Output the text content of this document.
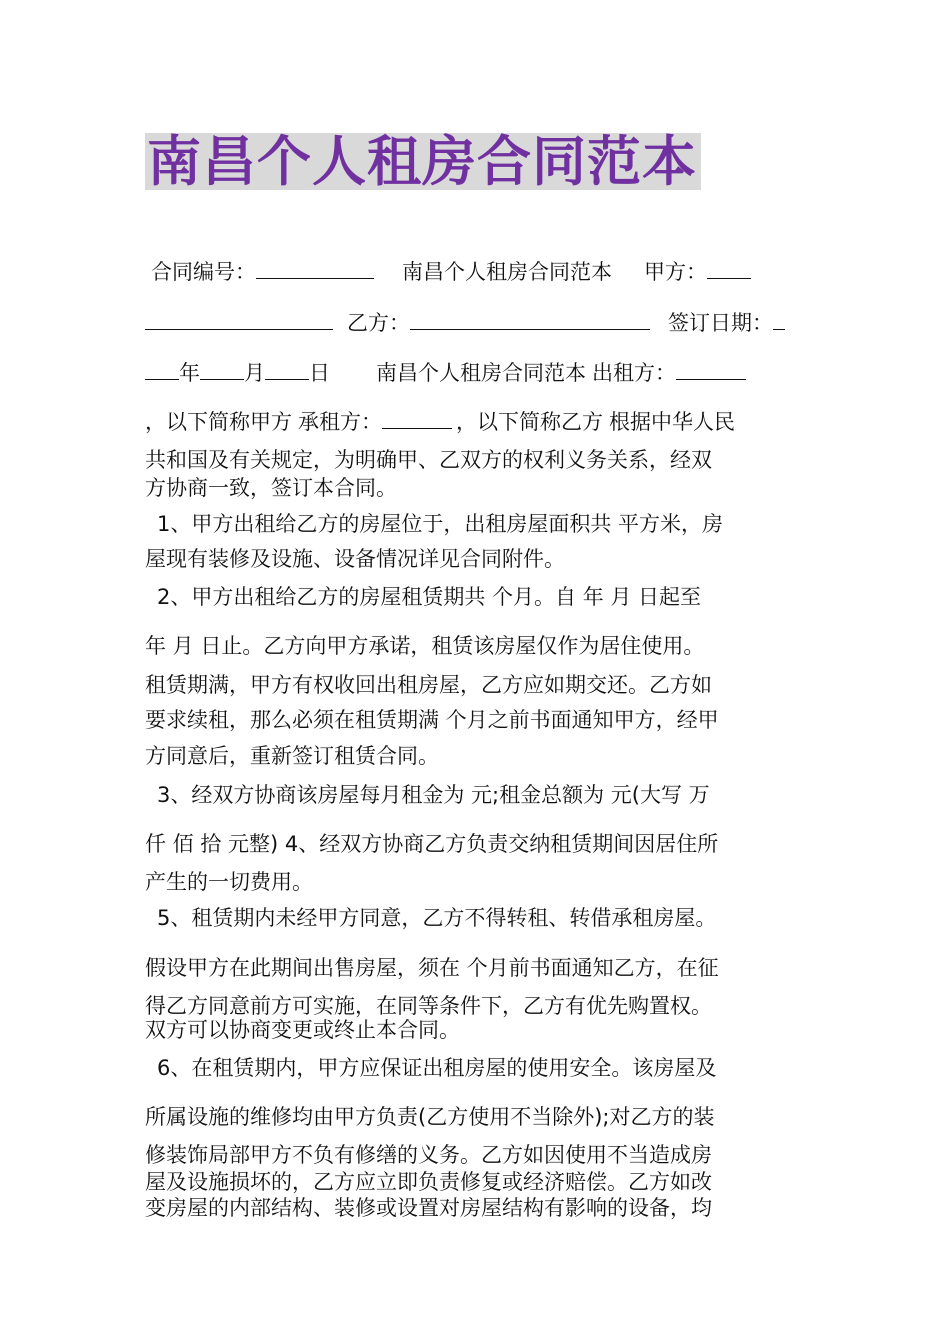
南昌个人租房合同范本
合同编号：	南昌个人租房合同范本 甲方：
乙方：	签订日期：
年 月 日 南昌个人租房合同范本 出租方：
，以下简称甲方 承租方：	，以下简称乙方 根据中华人民
共和国及有关规定，为明确甲、乙双方的权利义务关系，经双
方协商一致，签订本合同。
1、甲方出租给乙方的房屋位于，出租房屋面积共 平方米，房
屋现有装修及设施、设备情况详见合同附件。
2、甲方出租给乙方的房屋租赁期共 个月。自 年 月 日起至
年 月 日止。乙方向甲方承诺，租赁该房屋仅作为居住使用。
租赁期满，甲方有权收回出租房屋，乙方应如期交还。乙方如
要求续租，那么必须在租赁期满 个月之前书面通知甲方，经甲
方同意后，重新签订租赁合同。
3、经双方协商该房屋每月租金为 元;租金总额为 元(大写 万
仟 佰 拾 元整) 4、经双方协商乙方负责交纳租赁期间因居住所
产生的一切费用。
5、租赁期内未经甲方同意，乙方不得转租、转借承租房屋。
假设甲方在此期间出售房屋，须在 个月前书面通知乙方，在征
得乙方同意前方可实施，在同等条件下，乙方有优先购置权。
双方可以协商变更或终止本合同。
6、在租赁期内，甲方应保证出租房屋的使用安全。该房屋及
所属设施的维修均由甲方负责(乙方使用不当除外);对乙方的装
修装饰局部甲方不负有修缮的义务。乙方如因使用不当造成房
屋及设施损坏的，乙方应立即负责修复或经济赔偿。乙方如改
变房屋的内部结构、装修或设置对房屋结构有影响的设备，均
